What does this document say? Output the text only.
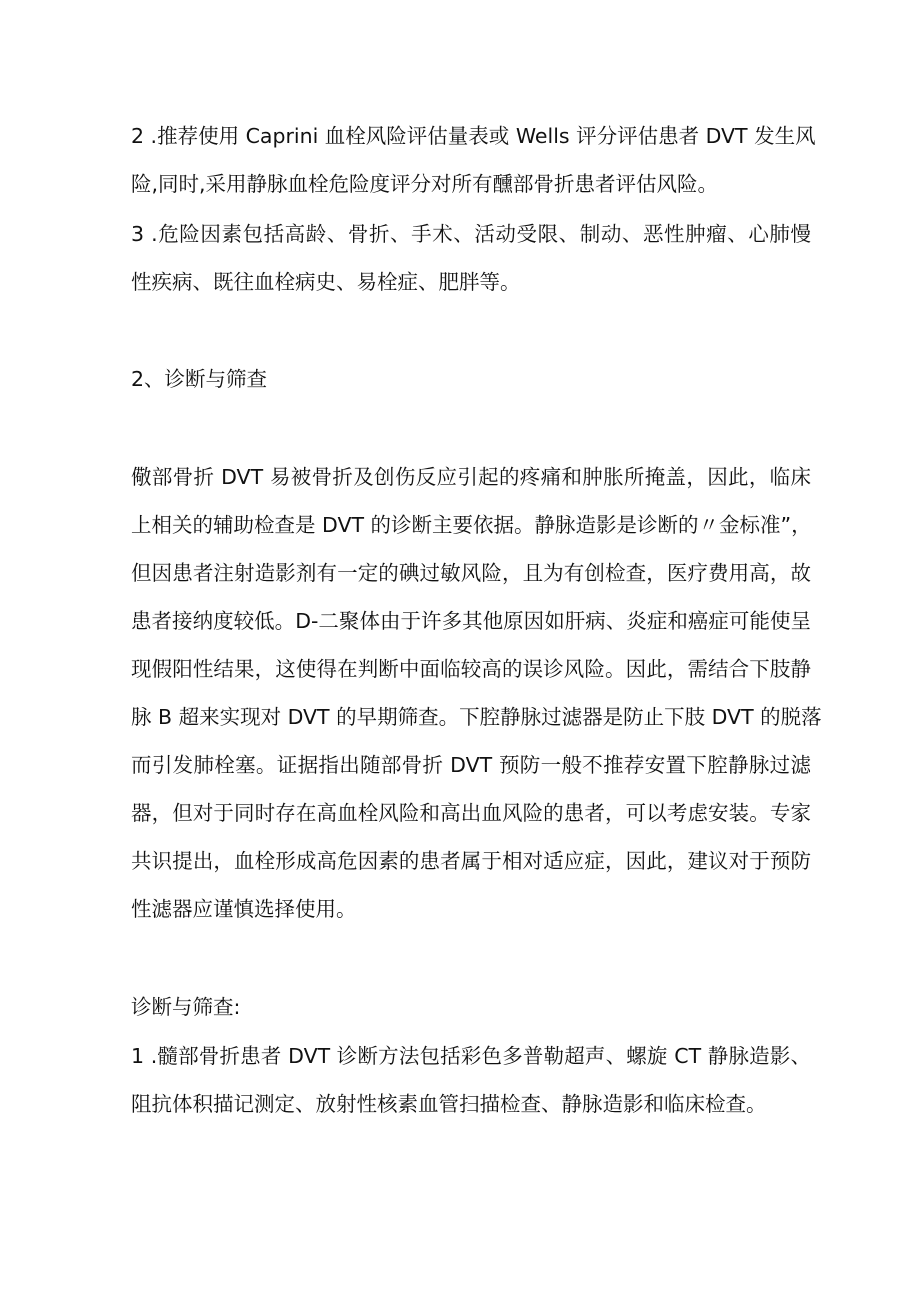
2 .推荐使用 Caprini 血栓风险评估量表或 Wells 评分评估患者 DVT 发生风
险,同时,采用静脉血栓危险度评分对所有醺部骨折患者评估风险。
3 .危险因素包括高龄、骨折、手术、活动受限、制动、恶性肿瘤、心肺慢
性疾病、既往血栓病史、易栓症、肥胖等。
2、诊断与筛查
儆部骨折 DVT 易被骨折及创伤反应引起的疼痛和肿胀所掩盖，因此，临床
上相关的辅助检查是 DVT 的诊断主要依据。静脉造影是诊断的〃金标准”，
但因患者注射造影剂有一定的碘过敏风险，且为有创检查，医疗费用高，故
患者接纳度较低。D-二聚体由于许多其他原因如肝病、炎症和癌症可能使呈
现假阳性结果，这使得在判断中面临较高的误诊风险。因此，需结合下肢静
脉 B 超来实现对 DVT 的早期筛查。下腔静脉过滤器是防止下肢 DVT 的脱落
而引发肺栓塞。证据指出随部骨折 DVT 预防一般不推荐安置下腔静脉过滤
器，但对于同时存在高血栓风险和高出血风险的患者，可以考虑安装。专家
共识提出，血栓形成高危因素的患者属于相对适应症，因此，建议对于预防
性滤器应谨慎选择使用。
诊断与筛查:
1 .髓部骨折患者 DVT 诊断方法包括彩色多普勒超声、螺旋 CT 静脉造影、
阻抗体积描记测定、放射性核素血管扫描检查、静脉造影和临床检查。
